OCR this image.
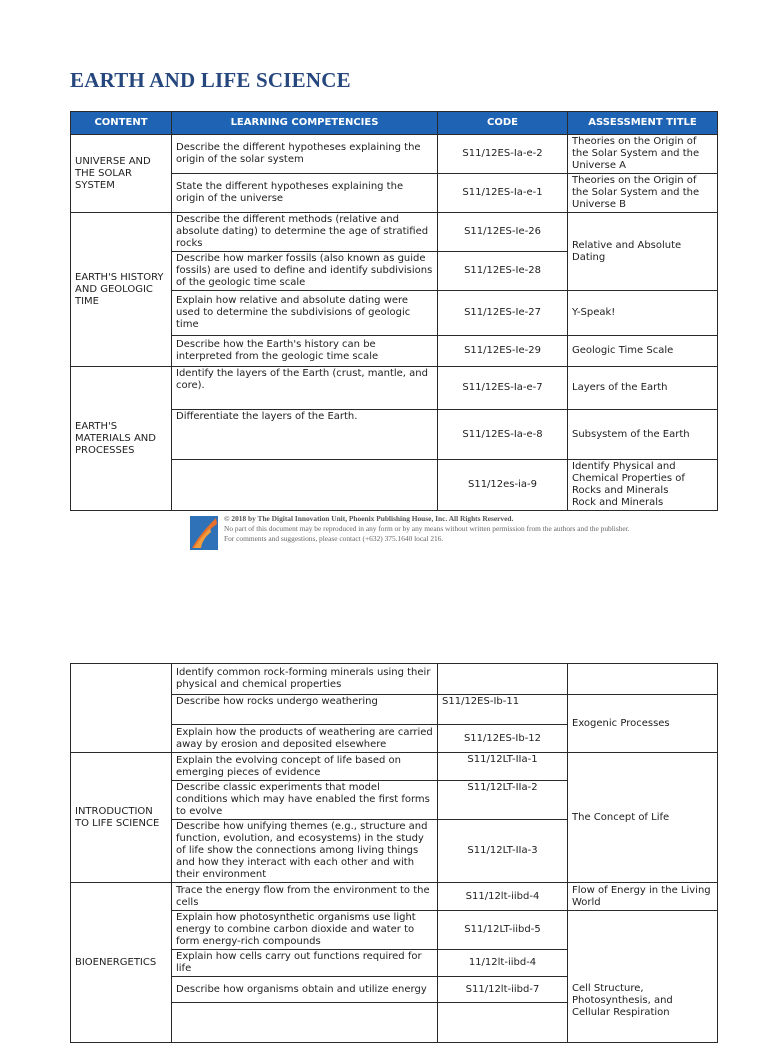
EARTH AND LIFE SCIENCE
CONTENT	LEARNING COMPETENCIES	CODE	ASSESSMENT TITLE
UNIVERSE AND THE SOLAR SYSTEM	Describe the different hypotheses explaining the origin of the solar system	S11/12ES-Ia-e-2	Theories on the Origin of the Solar System and the Universe A
	State the different hypotheses explaining the origin of the universe	S11/12ES-Ia-e-1	Theories on the Origin of the Solar System and the Universe B
EARTH'S HISTORY AND GEOLOGIC TIME	Describe the different methods (relative and absolute dating) to determine the age of stratified rocks	S11/12ES-Ie-26	Relative and Absolute Dating
	Describe how marker fossils (also known as guide fossils) are used to define and identify subdivisions of the geologic time scale	S11/12ES-Ie-28	
	Explain how relative and absolute dating were used to determine the subdivisions of geologic time	S11/12ES-Ie-27	Y-Speak!
	Describe how the Earth's history can be interpreted from the geologic time scale	S11/12ES-Ie-29	Geologic Time Scale
EARTH'S MATERIALS AND PROCESSES	Identify the layers of the Earth (crust, mantle, and core).	S11/12ES-Ia-e-7	Layers of the Earth
	Differentiate the layers of the Earth.	S11/12ES-Ia-e-8	Subsystem of the Earth
		S11/12es-ia-9	Identify Physical and Chemical Properties of Rocks and Minerals
Rock and Minerals
© 2018 by The Digital Innovation Unit, Phoenix Publishing House, Inc. All Rights Reserved.
No part of this document may be reproduced in any form or by any means without written permission from the authors and the publisher.
For comments and suggestions, please contact (+632) 375.1640 local 216.
	Identify common rock-forming minerals using their physical and chemical properties		
	Describe how rocks undergo weathering	S11/12ES-Ib-11	Exogenic Processes
	Explain how the products of weathering are carried away by erosion and deposited elsewhere	S11/12ES-Ib-12	
INTRODUCTION TO LIFE SCIENCE	Explain the evolving concept of life based on emerging pieces of evidence	S11/12LT-IIa-1	The Concept of Life
	Describe classic experiments that model conditions which may have enabled the first forms to evolve	S11/12LT-IIa-2	
	Describe how unifying themes (e.g., structure and function, evolution, and ecosystems) in the study of life show the connections among living things and how they interact with each other and with their environment	S11/12LT-IIa-3	
BIOENERGETICS	Trace the energy flow from the environment to the cells	S11/12lt-iibd-4	Flow of Energy in the Living World
	Explain how photosynthetic organisms use light energy to combine carbon dioxide and water to form energy-rich compounds	S11/12LT-iibd-5	Cell Structure, Photosynthesis, and Cellular Respiration
	Explain how cells carry out functions required for life	11/12lt-iibd-4	
	Describe how organisms obtain and utilize energy	S11/12lt-iibd-7	
